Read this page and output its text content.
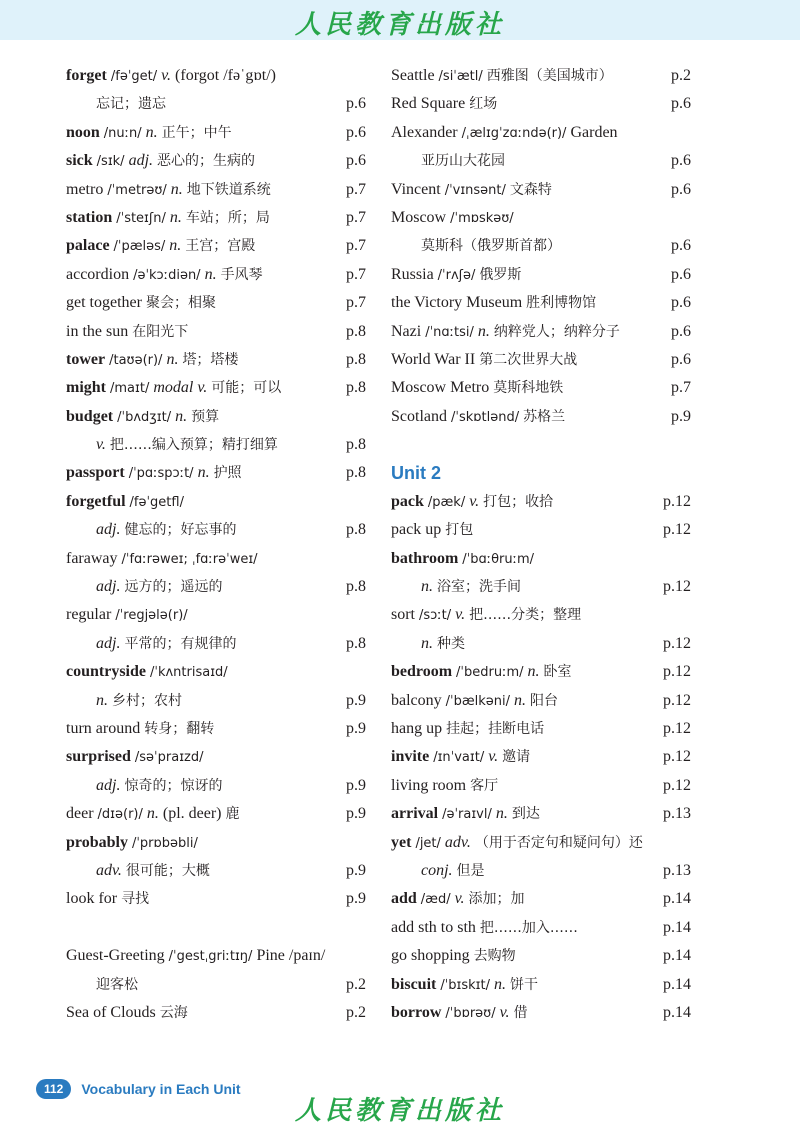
人民教育出版社
forget /fəˈget/ v. (forgot /fəˈgɒt/)
忘记；遗忘	p.6
noon /nuːn/ n. 正午；中午	p.6
sick /sɪk/ adj. 恶心的；生病的	p.6
metro /ˈmetrəʊ/ n. 地下铁道系统	p.7
station /ˈsteɪʃn/ n. 车站；所；局	p.7
palace /ˈpæləs/ n. 王宫；宫殿	p.7
accordion /əˈkɔːdiən/ n. 手风琴	p.7
get together 聚会；相聚	p.7
in the sun 在阳光下	p.8
tower /taʊə(r)/ n. 塔；塔楼	p.8
might /maɪt/ modal v. 可能；可以	p.8
budget /ˈbʌdʒɪt/ n. 预算
v. 把……编入预算；精打细算	p.8
passport /ˈpɑːspɔːt/ n. 护照	p.8
forgetful /fəˈgetfl/
adj. 健忘的；好忘事的	p.8
faraway /ˈfɑːrəweɪ; ˌfɑːrəˈweɪ/
adj. 远方的；遥远的	p.8
regular /ˈregjələ(r)/
adj. 平常的；有规律的	p.8
countryside /ˈkʌntrisaɪd/
n. 乡村；农村	p.9
turn around 转身；翻转	p.9
surprised /səˈpraɪzd/
adj. 惊奇的；惊讶的	p.9
deer /dɪə(r)/ n. (pl. deer) 鹿	p.9
probably /ˈprɒbəbli/
adv. 很可能；大概	p.9
look for 寻找	p.9
Guest-Greeting /ˈgestˌgriːtɪŋ/ Pine /paɪn/
迎客松	p.2
Sea of Clouds 云海	p.2
Seattle /siˈætl/ 西雅图（美国城市）	p.2
Red Square 红场	p.6
Alexander /ˌælɪgˈzɑːndə(r)/ Garden
亚历山大花园	p.6
Vincent /ˈvɪnsənt/ 文森特	p.6
Moscow /ˈmɒskəʊ/
莫斯科（俄罗斯首都）	p.6
Russia /ˈrʌʃə/ 俄罗斯	p.6
the Victory Museum 胜利博物馆	p.6
Nazi /ˈnɑːtsi/ n. 纳粹党人；纳粹分子	p.6
World War II 第二次世界大战	p.6
Moscow Metro 莫斯科地铁	p.7
Scotland /ˈskɒtlənd/ 苏格兰	p.9
Unit 2
pack /pæk/ v. 打包；收拾	p.12
pack up 打包	p.12
bathroom /ˈbɑːθruːm/
n. 浴室；洗手间	p.12
sort /sɔːt/ v. 把……分类；整理
n. 种类	p.12
bedroom /ˈbedruːm/ n. 卧室	p.12
balcony /ˈbælkəni/ n. 阳台	p.12
hang up 挂起；挂断电话	p.12
invite /ɪnˈvaɪt/ v. 邀请	p.12
living room 客厅	p.12
arrival /əˈraɪvl/ n. 到达	p.13
yet /jet/ adv. （用于否定句和疑问句）还
conj. 但是	p.13
add /æd/ v. 添加；加	p.14
add sth to sth 把……加入……	p.14
go shopping 去购物	p.14
biscuit /ˈbɪskɪt/ n. 饼干	p.14
borrow /ˈbɒrəʊ/ v. 借	p.14
112	Vocabulary in Each Unit
人民教育出版社
